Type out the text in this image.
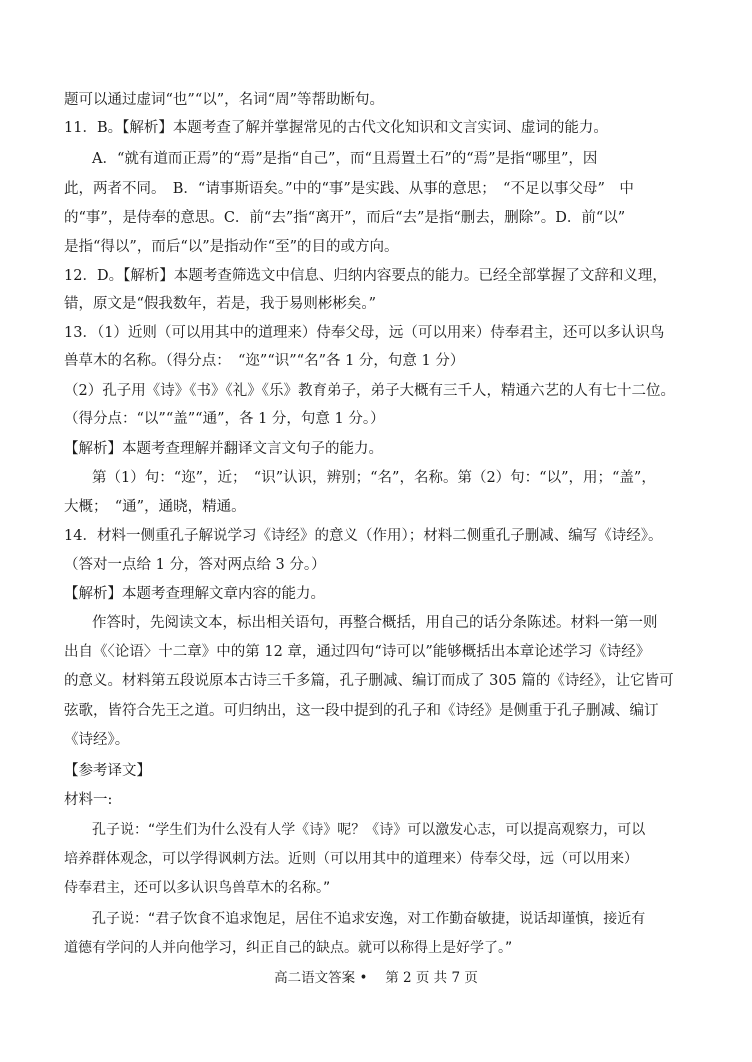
题可以通过虚词“也”“以”，名词“周”等帮助断句。
11．B。【解析】本题考查了解并掌握常见的古代文化知识和文言实词、虚词的能力。
A．“就有道而正焉”的“焉”是指“自己”，而“且焉置土石”的“焉”是指“哪里”，因
此，两者不同。　B．“请事斯语矣。”中的“事”是实践、从事的意思；　“不足以事父母”　中
的“事”，是侍奉的意思。C．前“去”指“离开”，而后“去”是指“删去，删除”。D．前“以”
是指“得以”，而后“以”是指动作“至”的目的或方向。
12．D。【解析】本题考查筛选文中信息、归纳内容要点的能力。已经全部掌握了文辞和义理，
错，原文是“假我数年，若是，我于易则彬彬矣。”
13．（1）近则（可以用其中的道理来）侍奉父母，远（可以用来）侍奉君主，还可以多认识鸟
兽草木的名称。（得分点：　“迩”“识”“名”各 1 分，句意 1 分）
（2）孔子用《诗》《书》《礼》《乐》教育弟子，弟子大概有三千人，精通六艺的人有七十二位。
（得分点：“以”“盖”“通”，各 1 分，句意 1 分。）
【解析】本题考查理解并翻译文言文句子的能力。
第（1）句：“迩”，近；　“识”认识，辨别；“名”，名称。第（2）句：“以”，用；“盖”，
大概；　“通”，通晓，精通。
14．材料一侧重孔子解说学习《诗经》的意义（作用）；材料二侧重孔子删减、编写《诗经》。
（答对一点给 1 分，答对两点给 3 分。）
【解析】本题考查理解文章内容的能力。
作答时，先阅读文本，标出相关语句，再整合概括，用自己的话分条陈述。材料一第一则
出自《〈论语〉十二章》中的第 12 章，通过四句“诗可以”能够概括出本章论述学习《诗经》
的意义。材料第五段说原本古诗三千多篇，孔子删减、编订而成了 305 篇的《诗经》，让它皆可
弦歌，皆符合先王之道。可归纳出，这一段中提到的孔子和《诗经》是侧重于孔子删减、编订
《诗经》。
【参考译文】
材料一:
孔子说：“学生们为什么没有人学《诗》呢？《诗》可以激发心志，可以提高观察力，可以
培养群体观念，可以学得讽刺方法。近则（可以用其中的道理来）侍奉父母，远（可以用来）
侍奉君主，还可以多认识鸟兽草木的名称。”
孔子说：“君子饮食不追求饱足，居住不追求安逸，对工作勤奋敏捷，说话却谨慎，接近有
道德有学问的人并向他学习，纠正自己的缺点。就可以称得上是好学了。”
高二语文答案 •　 第 2 页 共 7 页
